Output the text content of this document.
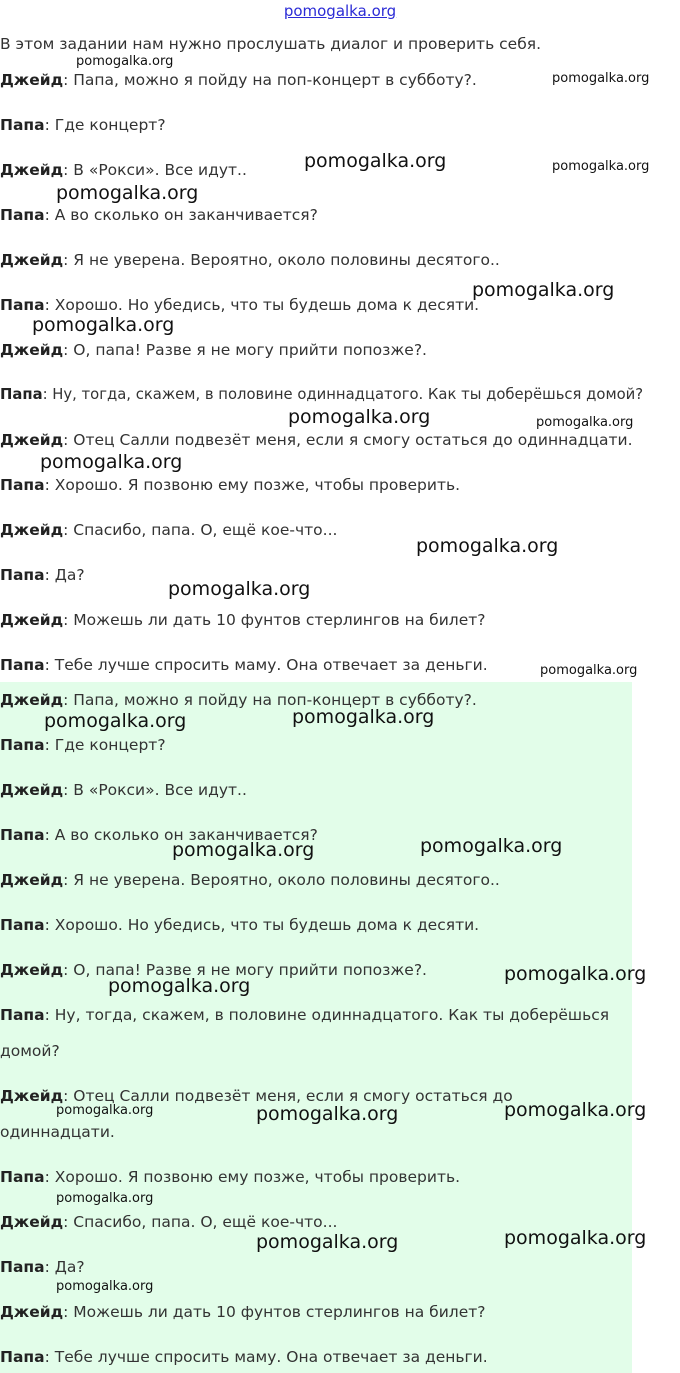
pomogalka.org
В этом задании нам нужно прослушать диалог и проверить себя.
Джейд: Папа, можно я пойду на поп-концерт в субботу?.
Папа: Где концерт?
Джейд: В «Рокси». Все идут..
Папа: А во сколько он заканчивается?
Джейд: Я не уверена. Вероятно, около половины десятого..
Папа: Хорошо. Но убедись, что ты будешь дома к десяти.
Джейд: О, папа! Разве я не могу прийти попозже?.
Папа: Ну, тогда, скажем, в половине одиннадцатого. Как ты доберёшься домой?
Джейд: Отец Салли подвезёт меня, если я смогу остаться до одиннадцати.
Папа: Хорошо. Я позвоню ему позже, чтобы проверить.
Джейд: Спасибо, папа. О, ещё кое-что...
Папа: Да?
Джейд: Можешь ли дать 10 фунтов стерлингов на билет?
Папа: Тебе лучше спросить маму. Она отвечает за деньги.
Джейд: Папа, можно я пойду на поп-концерт в субботу?.
Папа: Где концерт?
Джейд: В «Рокси». Все идут..
Папа: А во сколько он заканчивается?
Джейд: Я не уверена. Вероятно, около половины десятого..
Папа: Хорошо. Но убедись, что ты будешь дома к десяти.
Джейд: О, папа! Разве я не могу прийти попозже?.
Папа: Ну, тогда, скажем, в половине одиннадцатого. Как ты доберёшься домой?
Джейд: Отец Салли подвезёт меня, если я смогу остаться до одиннадцати.
Папа: Хорошо. Я позвоню ему позже, чтобы проверить.
Джейд: Спасибо, папа. О, ещё кое-что...
Папа: Да?
Джейд: Можешь ли дать 10 фунтов стерлингов на билет?
Папа: Тебе лучше спросить маму. Она отвечает за деньги.
pomogalka.org
pomogalka.org
pomogalka.org	pomogalka.org
pomogalka.org
pomogalka.org
pomogalka.org
pomogalka.org	pomogalka.org
pomogalka.org
pomogalka.org
pomogalka.org
pomogalka.org
pomogalka.org	pomogalka.org
pomogalka.org	pomogalka.org
pomogalka.org
pomogalka.org
pomogalka.org	pomogalka.org	pomogalka.org
pomogalka.org
pomogalka.org	pomogalka.org
pomogalka.org
